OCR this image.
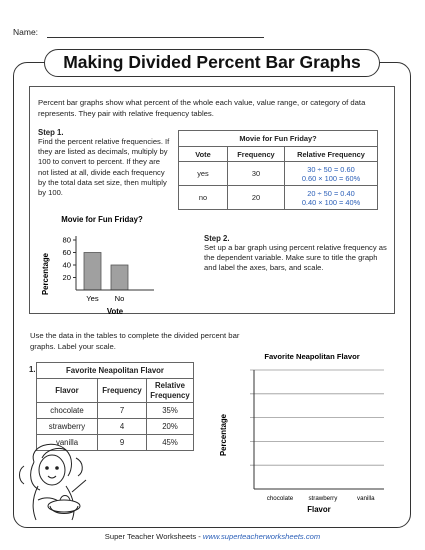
Name:
Making Divided Percent Bar Graphs
Percent bar graphs show what percent of the whole each value, value range, or category of data represents. They pair with relative frequency tables.
Step 1.
Find the percent relative frequencies. If they are listed as decimals, multiply by 100 to convert to percent. If they are not listed at all, divide each frequency by the total data set size, then multiply by 100.
Movie for Fun Friday?		
Vote	Frequency	Relative Frequency
yes	30	30 ÷ 50 = 0.60
0.60 × 100 = 60%

no	20	20 ÷ 50 = 0.40
0.40 × 100 = 40%
Movie for Fun Friday?
Percentage 20
40
60
80
Yes No
Vote
Step 2.
Set up a bar graph using percent relative frequency as the dependent variable. Make sure to title the graph and label the axes, bars, and scale.
Use the data in the tables to complete the divided percent bar graphs. Label your scale.
1.	Favorite Neapolitan Flavor		
Flavor	Frequency	Relative Frequency
chocolate	7	35%
strawberry	4	20%
vanilla	9	45%
Favorite Neapolitan Flavor
Percentage
chocolate strawberry	vanilla
Flavor
Super Teacher Worksheets - www.superteacherworksheets.com
